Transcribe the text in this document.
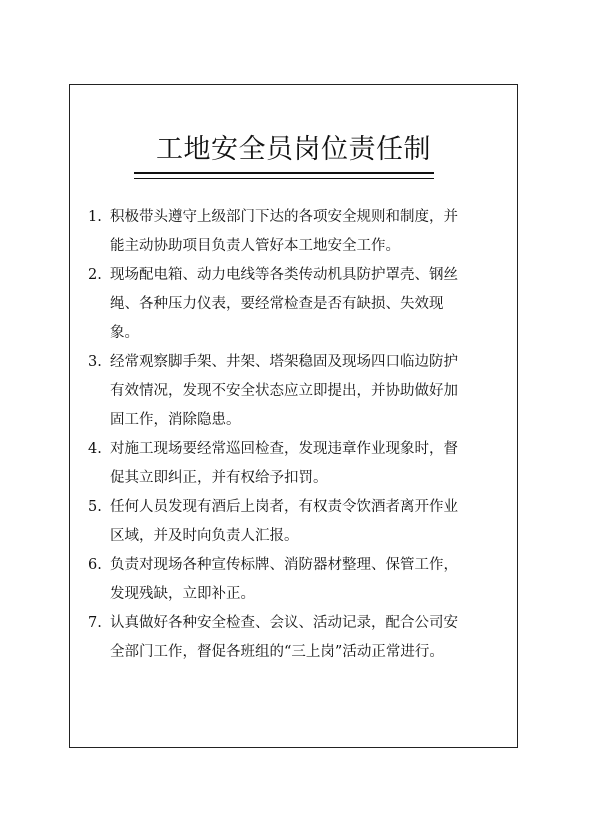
工地安全员岗位责任制
1. 积极带头遵守上级部门下达的各项安全规则和制度，并能主动协助项目负责人管好本工地安全工作。
2. 现场配电箱、动力电线等各类传动机具防护罩壳、钢丝绳、各种压力仪表，要经常检查是否有缺损、失效现象。
3. 经常观察脚手架、井架、塔架稳固及现场四口临边防护有效情况，发现不安全状态应立即提出，并协助做好加固工作，消除隐患。
4. 对施工现场要经常巡回检查，发现违章作业现象时，督促其立即纠正，并有权给予扣罚。
5. 任何人员发现有酒后上岗者，有权责令饮酒者离开作业区域，并及时向负责人汇报。
6. 负责对现场各种宣传标牌、消防器材整理、保管工作，发现残缺，立即补正。
7. 认真做好各种安全检查、会议、活动记录，配合公司安全部门工作，督促各班组的“三上岗”活动正常进行。
